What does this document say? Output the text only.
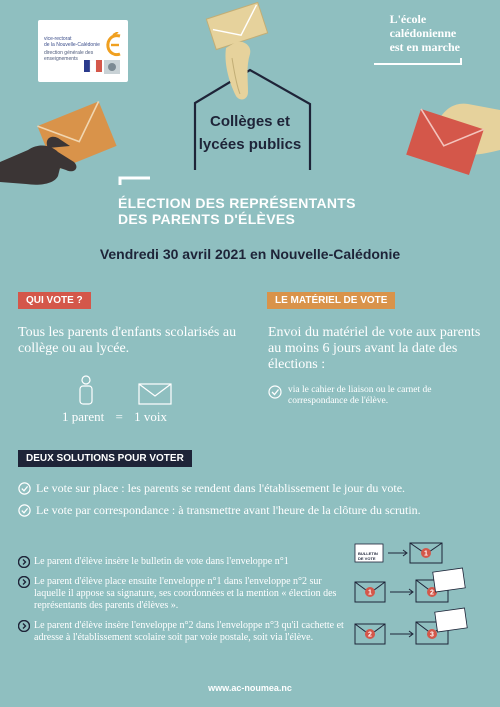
vice-rectorat
de la Nouvelle-Calédonie
direction générale des enseignements
L'école
calédonienne
est en marche
Collèges et
lycées publics
ÉLECTION DES REPRÉSENTANTS
DES PARENTS D'ÉLÈVES
Vendredi 30 avril 2021 en Nouvelle-Calédonie
QUI VOTE ?
Tous les parents d'enfants scolarisés au collège ou au lycée.
1 parent = 1 voix
LE MATÉRIEL DE VOTE
Envoi du matériel de vote aux parents au moins 6 jours avant la date des élections :
via le cahier de liaison ou le carnet de correspondance de l'élève.
DEUX SOLUTIONS POUR VOTER
Le vote sur place : les parents se rendent dans l'établissement le jour du vote.
Le vote par correspondance : à transmettre avant l'heure de la clôture du scrutin.
Le parent d'élève insère le bulletin de vote dans l'enveloppe n°1
Le parent d'élève place ensuite l'enveloppe n°1 dans l'enveloppe n°2 sur laquelle il appose sa signature, ses coordonnées et la mention « élection des représentants des parents d'élèves ».
Le parent d'élève insère l'enveloppe n°2 dans l'enveloppe n°3 qu'il cachette et adresse à l'établissement scolaire soit par voie postale, soit via l'élève.
1
1	2
2	3
BULLETIN DE VOTE
www.ac-noumea.nc
